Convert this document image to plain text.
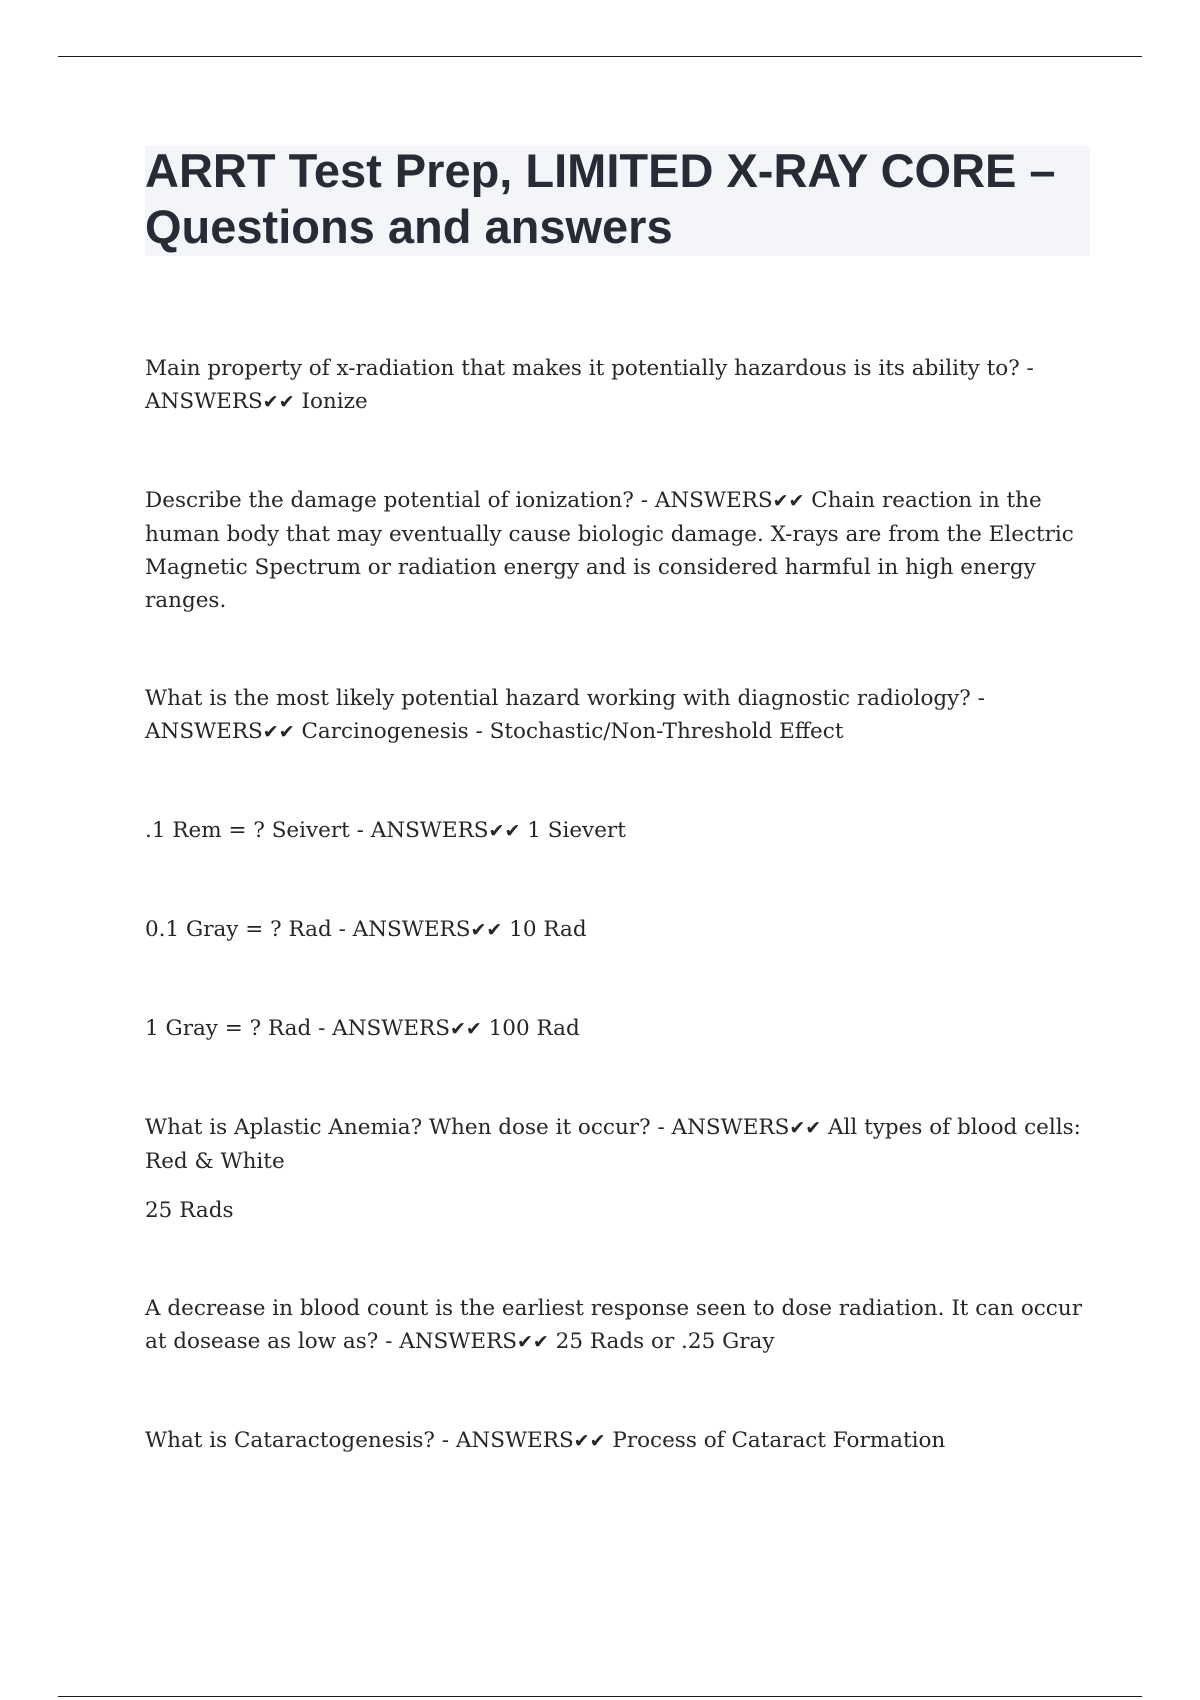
ARRT Test Prep, LIMITED X-RAY CORE – Questions and answers

Main property of x-radiation that makes it potentially hazardous is its ability to? - ANSWERS✔✔ Ionize

Describe the damage potential of ionization? - ANSWERS✔✔ Chain reaction in the human body that may eventually cause biologic damage. X-rays are from the Electric Magnetic Spectrum or radiation energy and is considered harmful in high energy ranges.

What is the most likely potential hazard working with diagnostic radiology? - ANSWERS✔✔ Carcinogenesis - Stochastic/Non-Threshold Effect

.1 Rem = ? Seivert - ANSWERS✔✔ 1 Sievert

0.1 Gray = ? Rad - ANSWERS✔✔ 10 Rad

1 Gray = ? Rad - ANSWERS✔✔ 100 Rad

What is Aplastic Anemia? When dose it occur? - ANSWERS✔✔ All types of blood cells: Red & White

25 Rads

A decrease in blood count is the earliest response seen to dose radiation. It can occur at dosease as low as? - ANSWERS✔✔ 25 Rads or .25 Gray

What is Cataractogenesis? - ANSWERS✔✔ Process of Cataract Formation
